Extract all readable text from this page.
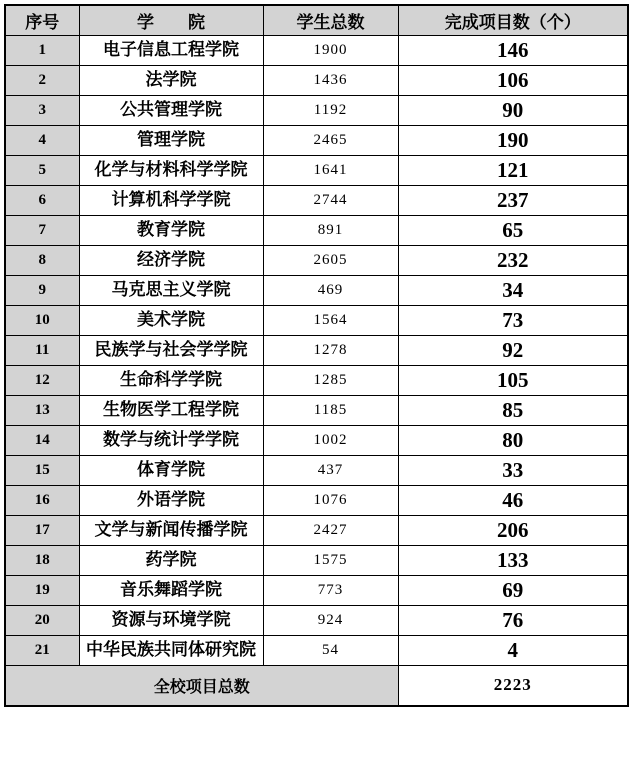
序号	学　　院	学生总数	完成项目数（个）
1	电子信息工程学院	1900	146
2	法学院	1436	106
3	公共管理学院	1192	90
4	管理学院	2465	190
5	化学与材料科学学院	1641	121
6	计算机科学学院	2744	237
7	教育学院	891	65
8	经济学院	2605	232
9	马克思主义学院	469	34
10	美术学院	1564	73
11	民族学与社会学学院	1278	92
12	生命科学学院	1285	105
13	生物医学工程学院	1185	85
14	数学与统计学学院	1002	80
15	体育学院	437	33
16	外语学院	1076	46
17	文学与新闻传播学院	2427	206
18	药学院	1575	133
19	音乐舞蹈学院	773	69
20	资源与环境学院	924	76
21	中华民族共同体研究院	54	4
全校项目总数			2223
